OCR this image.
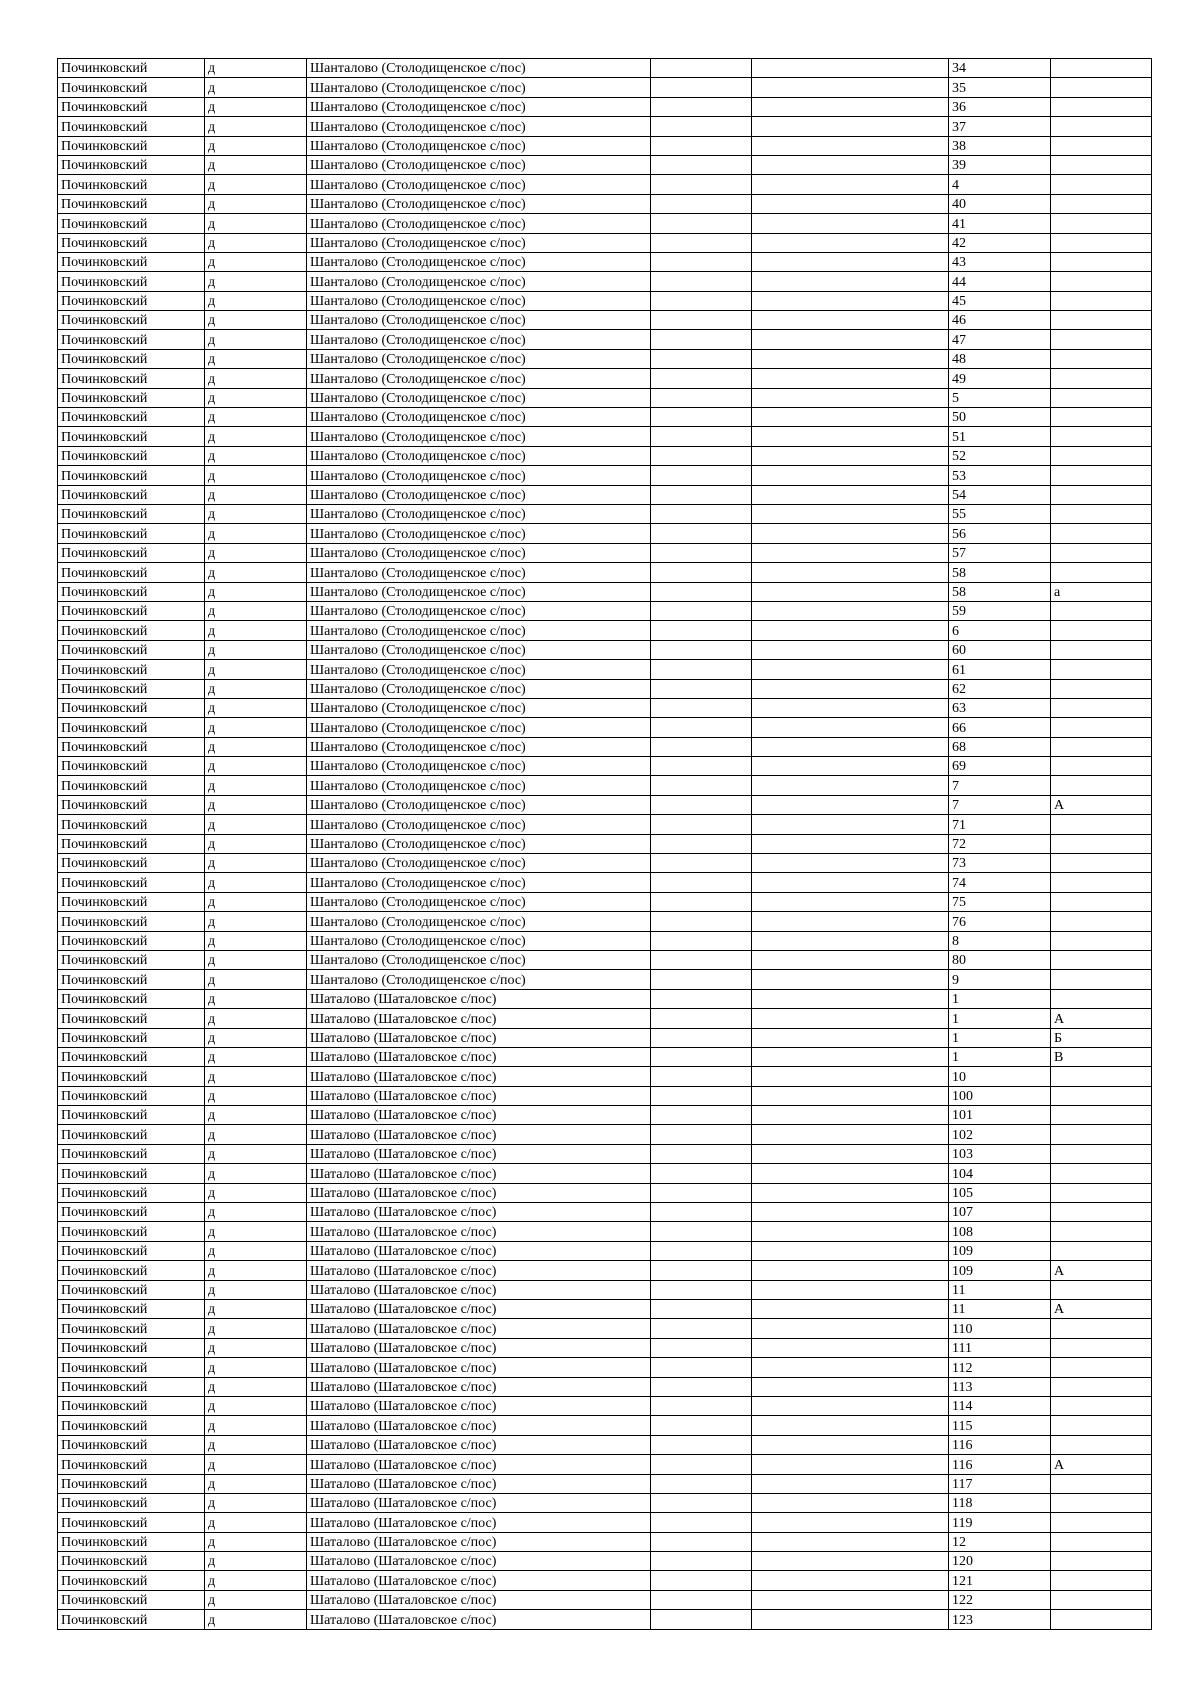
Починковский	д	Шанталово (Столодищенское с/пос)			34	
Починковский	д	Шанталово (Столодищенское с/пос)			35	
Починковский	д	Шанталово (Столодищенское с/пос)			36	
Починковский	д	Шанталово (Столодищенское с/пос)			37	
Починковский	д	Шанталово (Столодищенское с/пос)			38	
Починковский	д	Шанталово (Столодищенское с/пос)			39	
Починковский	д	Шанталово (Столодищенское с/пос)			4	
Починковский	д	Шанталово (Столодищенское с/пос)			40	
Починковский	д	Шанталово (Столодищенское с/пос)			41	
Починковский	д	Шанталово (Столодищенское с/пос)			42	
Починковский	д	Шанталово (Столодищенское с/пос)			43	
Починковский	д	Шанталово (Столодищенское с/пос)			44	
Починковский	д	Шанталово (Столодищенское с/пос)			45	
Починковский	д	Шанталово (Столодищенское с/пос)			46	
Починковский	д	Шанталово (Столодищенское с/пос)			47	
Починковский	д	Шанталово (Столодищенское с/пос)			48	
Починковский	д	Шанталово (Столодищенское с/пос)			49	
Починковский	д	Шанталово (Столодищенское с/пос)			5	
Починковский	д	Шанталово (Столодищенское с/пос)			50	
Починковский	д	Шанталово (Столодищенское с/пос)			51	
Починковский	д	Шанталово (Столодищенское с/пос)			52	
Починковский	д	Шанталово (Столодищенское с/пос)			53	
Починковский	д	Шанталово (Столодищенское с/пос)			54	
Починковский	д	Шанталово (Столодищенское с/пос)			55	
Починковский	д	Шанталово (Столодищенское с/пос)			56	
Починковский	д	Шанталово (Столодищенское с/пос)			57	
Починковский	д	Шанталово (Столодищенское с/пос)			58	
Починковский	д	Шанталово (Столодищенское с/пос)			58	а
Починковский	д	Шанталово (Столодищенское с/пос)			59	
Починковский	д	Шанталово (Столодищенское с/пос)			6	
Починковский	д	Шанталово (Столодищенское с/пос)			60	
Починковский	д	Шанталово (Столодищенское с/пос)			61	
Починковский	д	Шанталово (Столодищенское с/пос)			62	
Починковский	д	Шанталово (Столодищенское с/пос)			63	
Починковский	д	Шанталово (Столодищенское с/пос)			66	
Починковский	д	Шанталово (Столодищенское с/пос)			68	
Починковский	д	Шанталово (Столодищенское с/пос)			69	
Починковский	д	Шанталово (Столодищенское с/пос)			7	
Починковский	д	Шанталово (Столодищенское с/пос)			7	А
Починковский	д	Шанталово (Столодищенское с/пос)			71	
Починковский	д	Шанталово (Столодищенское с/пос)			72	
Починковский	д	Шанталово (Столодищенское с/пос)			73	
Починковский	д	Шанталово (Столодищенское с/пос)			74	
Починковский	д	Шанталово (Столодищенское с/пос)			75	
Починковский	д	Шанталово (Столодищенское с/пос)			76	
Починковский	д	Шанталово (Столодищенское с/пос)			8	
Починковский	д	Шанталово (Столодищенское с/пос)			80	
Починковский	д	Шанталово (Столодищенское с/пос)			9	
Починковский	д	Шаталово (Шаталовское с/пос)			1	
Починковский	д	Шаталово (Шаталовское с/пос)			1	А
Починковский	д	Шаталово (Шаталовское с/пос)			1	Б
Починковский	д	Шаталово (Шаталовское с/пос)			1	В
Починковский	д	Шаталово (Шаталовское с/пос)			10	
Починковский	д	Шаталово (Шаталовское с/пос)			100	
Починковский	д	Шаталово (Шаталовское с/пос)			101	
Починковский	д	Шаталово (Шаталовское с/пос)			102	
Починковский	д	Шаталово (Шаталовское с/пос)			103	
Починковский	д	Шаталово (Шаталовское с/пос)			104	
Починковский	д	Шаталово (Шаталовское с/пос)			105	
Починковский	д	Шаталово (Шаталовское с/пос)			107	
Починковский	д	Шаталово (Шаталовское с/пос)			108	
Починковский	д	Шаталово (Шаталовское с/пос)			109	
Починковский	д	Шаталово (Шаталовское с/пос)			109	А
Починковский	д	Шаталово (Шаталовское с/пос)			11	
Починковский	д	Шаталово (Шаталовское с/пос)			11	А
Починковский	д	Шаталово (Шаталовское с/пос)			110	
Починковский	д	Шаталово (Шаталовское с/пос)			111	
Починковский	д	Шаталово (Шаталовское с/пос)			112	
Починковский	д	Шаталово (Шаталовское с/пос)			113	
Починковский	д	Шаталово (Шаталовское с/пос)			114	
Починковский	д	Шаталово (Шаталовское с/пос)			115	
Починковский	д	Шаталово (Шаталовское с/пос)			116	
Починковский	д	Шаталово (Шаталовское с/пос)			116	А
Починковский	д	Шаталово (Шаталовское с/пос)			117	
Починковский	д	Шаталово (Шаталовское с/пос)			118	
Починковский	д	Шаталово (Шаталовское с/пос)			119	
Починковский	д	Шаталово (Шаталовское с/пос)			12	
Починковский	д	Шаталово (Шаталовское с/пос)			120	
Починковский	д	Шаталово (Шаталовское с/пос)			121	
Починковский	д	Шаталово (Шаталовское с/пос)			122	
Починковский	д	Шаталово (Шаталовское с/пос)			123	
